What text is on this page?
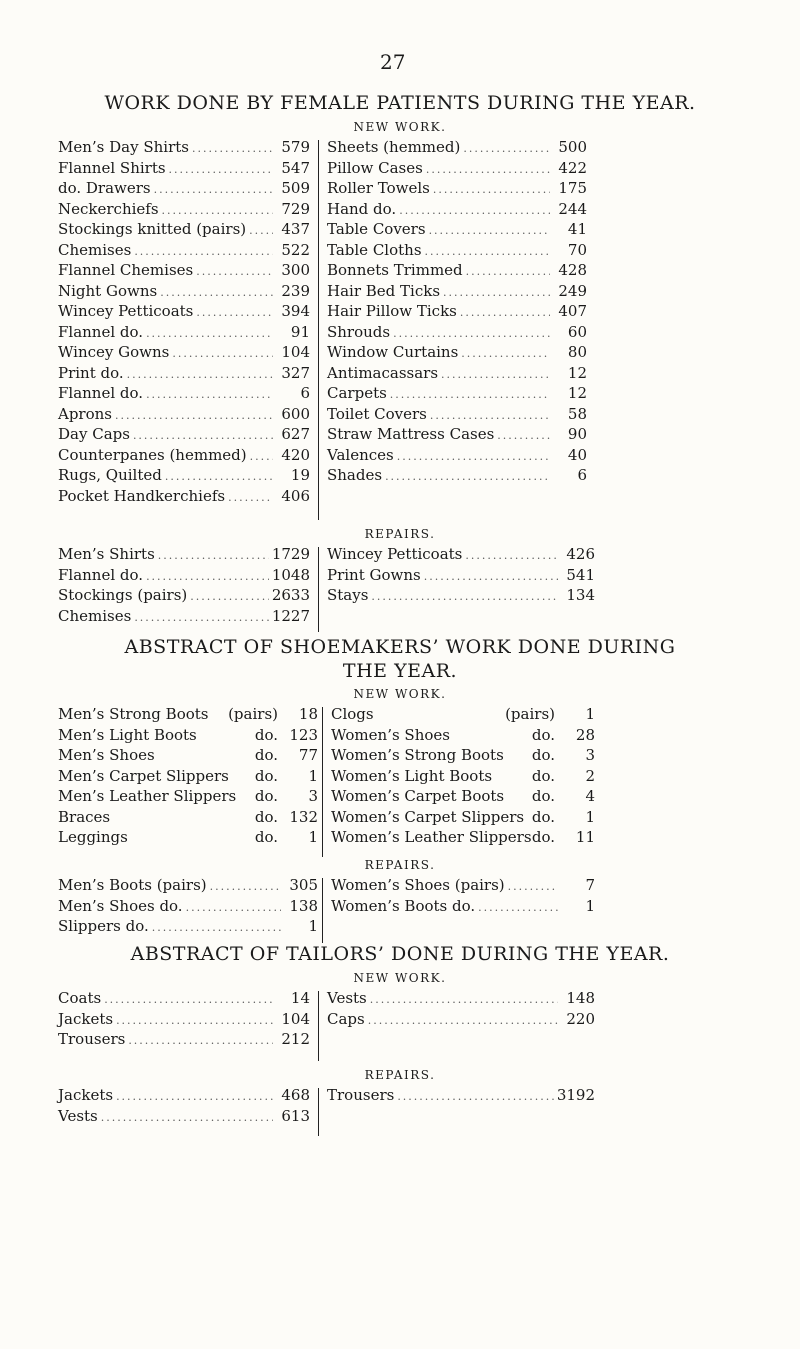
27
WORK DONE BY FEMALE PATIENTS DURING THE YEAR.
NEW WORK.
Men’s Day Shirts .....	579
Flannel Shirts .....	547
do. Drawers .....	509
Neckerchiefs .....	729
Stockings knitted (pairs) .....	437
Chemises .....	522
Flannel Chemises .....	300
Night Gowns .....	239
Wincey Petticoats .....	394
Flannel do. .....	91
Wincey Gowns .....	104
Print do. .....	327
Flannel do. .....	6
Aprons .....	600
Day Caps .....	627
Counterpanes (hemmed) .....	420
Rugs, Quilted .....	19
Pocket Handkerchiefs .....	406
Sheets (hemmed) .....	500
Pillow Cases .....	422
Roller Towels .....	175
Hand do. .....	244
Table Covers .....	41
Table Cloths .....	70
Bonnets Trimmed .....	428
Hair Bed Ticks .....	249
Hair Pillow Ticks .....	407
Shrouds .....	60
Window Curtains .....	80
Antimacassars .....	12
Carpets .....	12
Toilet Covers .....	58
Straw Mattress Cases .....	90
Valences .....	40
Shades .....	6
REPAIRS.
Men’s Shirts .....	1729
Flannel do. .....	1048
Stockings (pairs) .....	2633
Chemises .....	1227
Wincey Petticoats .....	426
Print Gowns .....	541
Stays .....	134
ABSTRACT OF SHOEMAKERS’ WORK DONE DURING
THE YEAR.
NEW WORK.
Men’s Strong Boots	(pairs)	18
Men’s Light Boots	do. 123
Men’s Shoes	do.	77
Men’s Carpet Slippers	do.	1
Men’s Leather Slippers	do.	3
Braces	do. 132
Leggings	do.	1
Clogs	(pairs)	1
Women’s Shoes	do.	28
Women’s Strong Boots	do.	3
Women’s Light Boots	do.	2
Women’s Carpet Boots	do.	4
Women’s Carpet Slippers do.	1
Women’s Leather Slippers do.	11
REPAIRS.
Men’s Boots (pairs) .....	305
Men’s Shoes do. .....	138
Slippers do. .....	1
Women’s Shoes (pairs) .....	7
Women’s Boots do. .....	1
ABSTRACT OF TAILORS’ DONE DURING THE YEAR.
NEW WORK.
Coats .....	14
Jackets .....	104
Trousers .....	212
Vests .....	148
Caps .....	220
REPAIRS.
Jackets .....	468
Vests .....	613
Trousers .....	3192
